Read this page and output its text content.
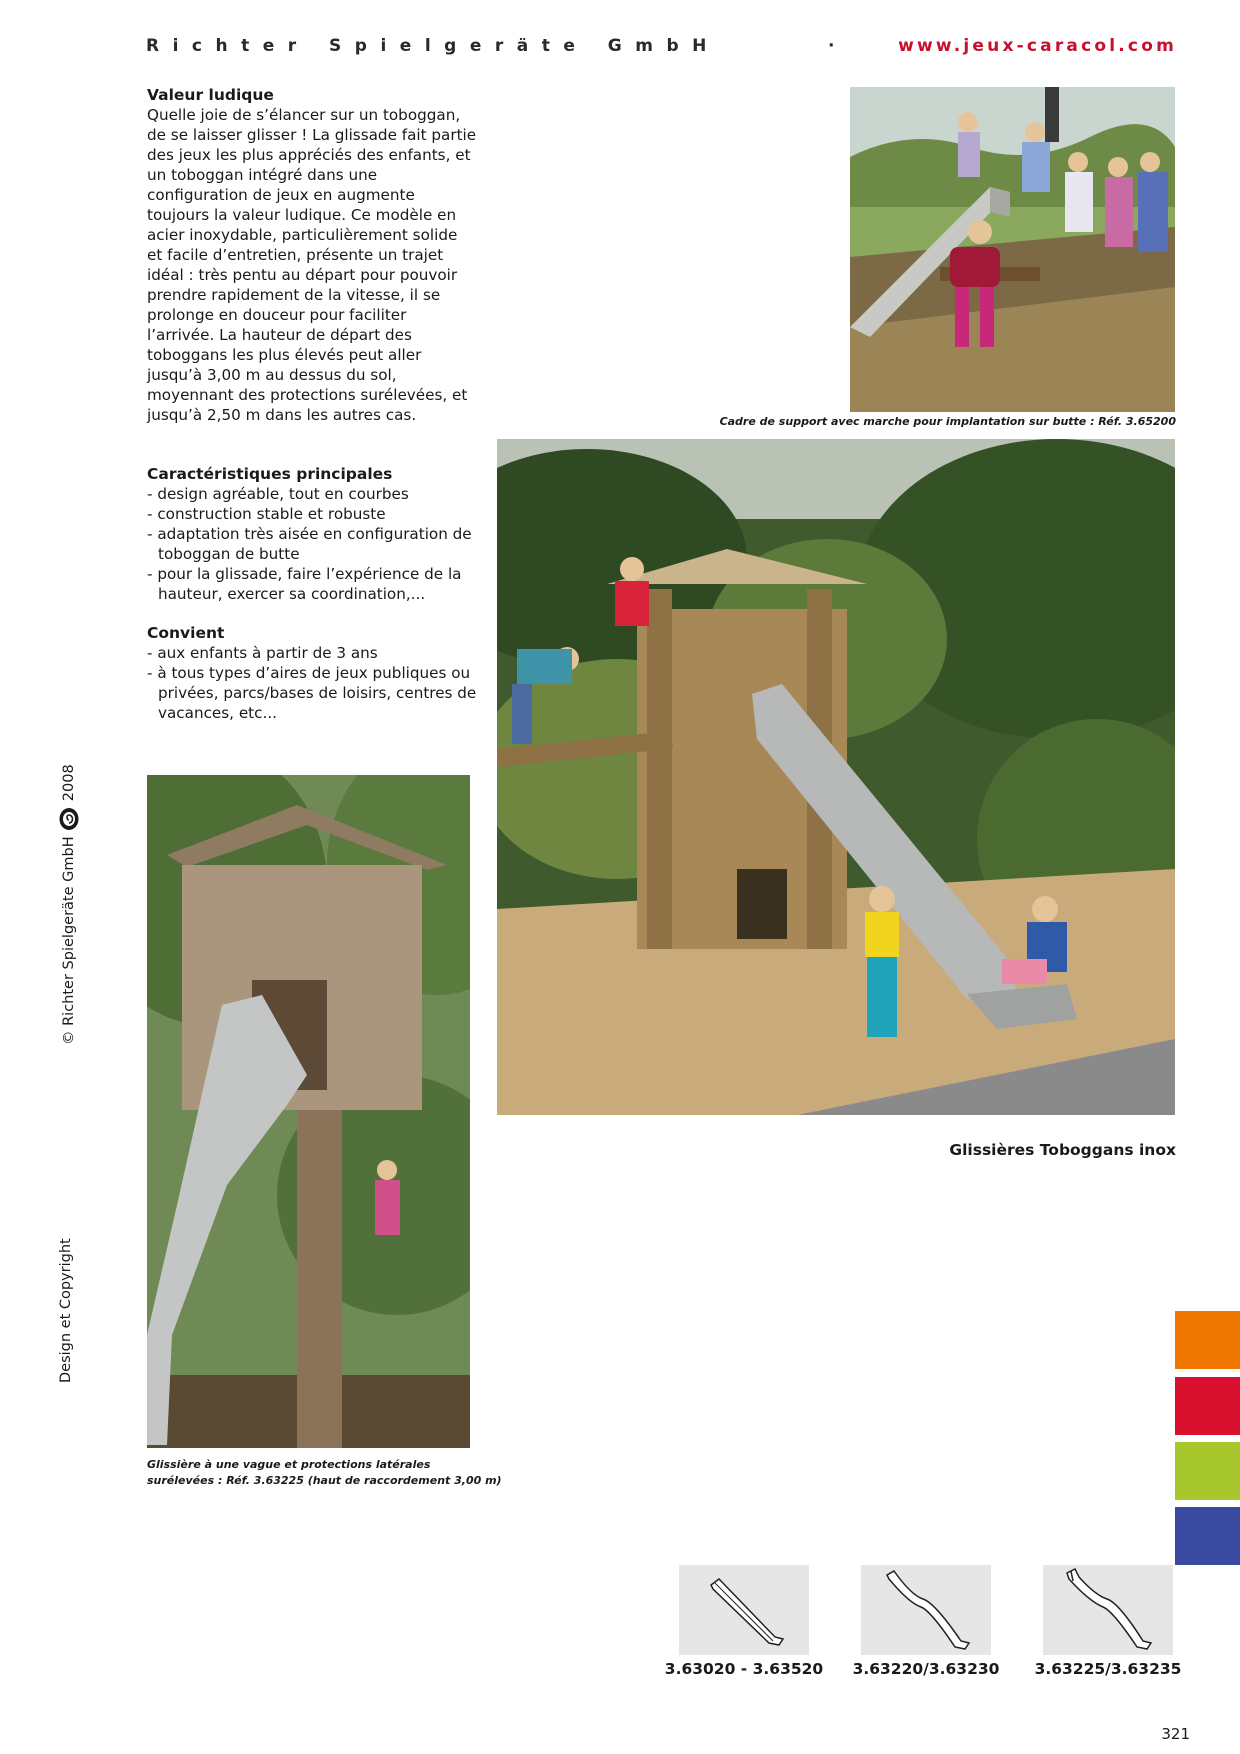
Richter Spielgeräte GmbH	·	www.jeux-caracol.com
Valeur ludique

Quelle joie de s’élancer sur un toboggan, de se laisser glisser ! La glissade fait partie des jeux les plus appréciés des enfants, et un toboggan intégré dans une configuration de jeux en augmente toujours la valeur ludique. Ce modèle en acier inoxydable, particulièrement solide et facile d’entretien, présente un trajet idéal : très pentu au départ pour pouvoir prendre rapidement de la vitesse, il se prolonge en douceur pour faciliter l’arrivée. La hauteur de départ des toboggans les plus élevés peut aller jusqu’à 3,00 m au dessus du sol, moyennant des protections surélevées, et jusqu’à 2,50 m dans les autres cas.

Caractéristiques principales
- design agréable, tout en courbes
- construction stable et robuste
- adaptation très aisée en configuration de toboggan de butte
- pour la glissade, faire l’expérience de la hauteur, exercer sa coordination,...
Convient
- aux enfants à partir de 3 ans
- à tous types d’aires de jeux publiques ou privées, parcs/bases de loisirs, centres de vacances, etc...
© Richter Spielgeräte GmbH  2008
Design et Copyright
Cadre de support avec marche pour implantation sur butte : Réf. 3.65200
Glissières Toboggans inox
Glissière à une vague et protections latérales
surélevées : Réf. 3.63225 (haut de raccordement 3,00 m)
3.63020 - 3.63520	3.63220/3.63230	3.63225/3.63235
321
